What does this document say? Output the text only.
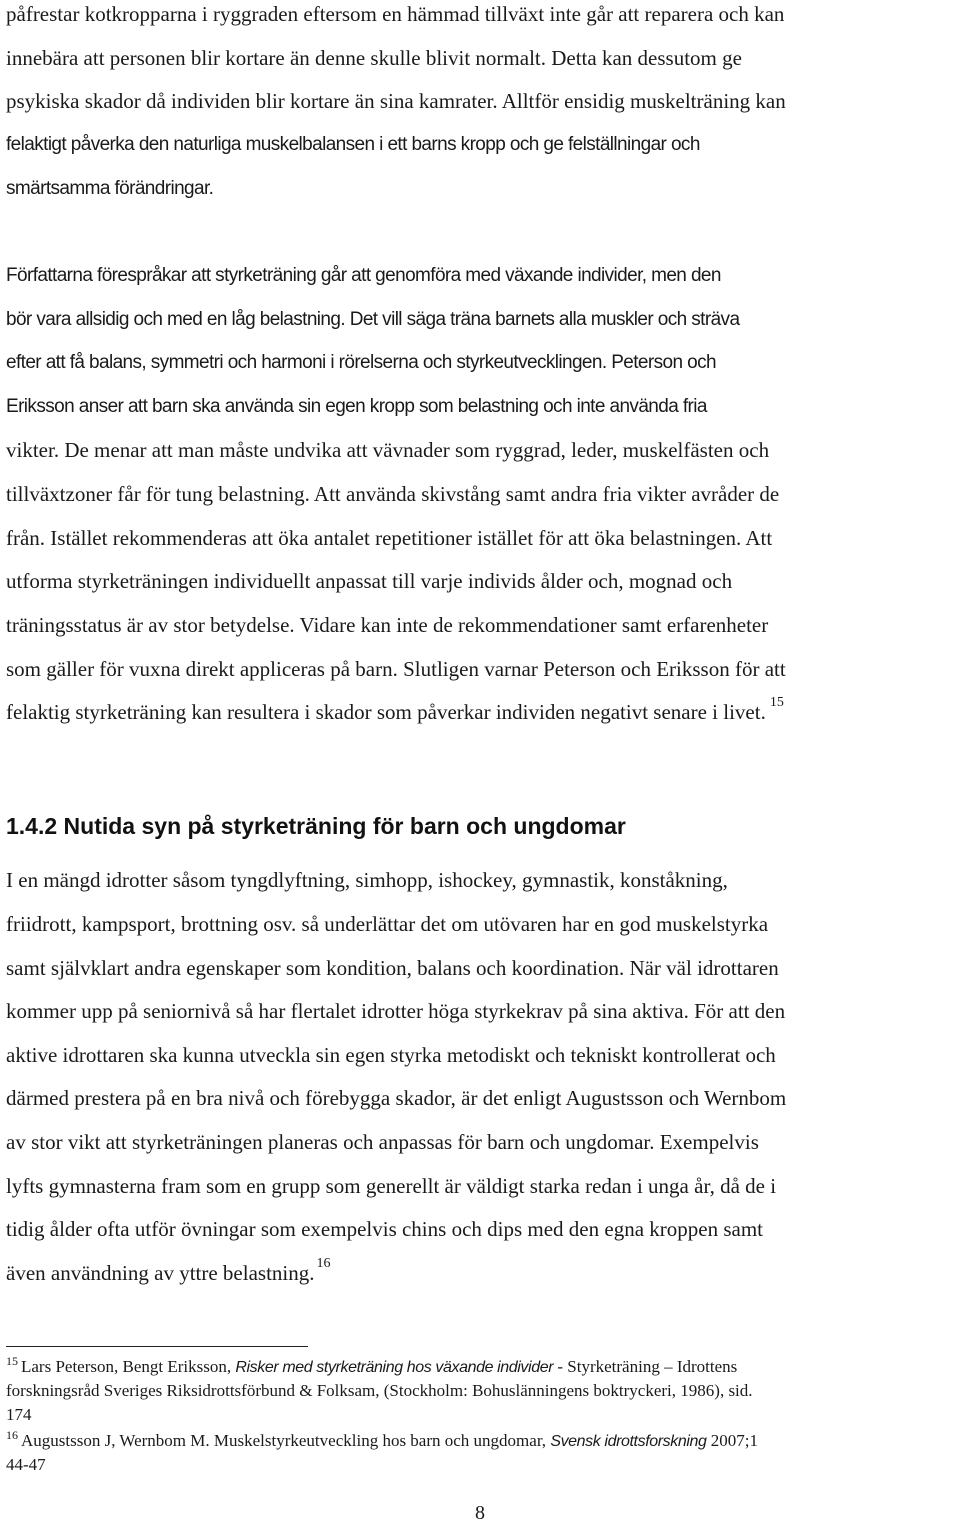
påfrestar kotkropparna i ryggraden eftersom en hämmad tillväxt inte går att reparera och kan
innebära att personen blir kortare än denne skulle blivit normalt. Detta kan dessutom ge
psykiska skador då individen blir kortare än sina kamrater. Alltför ensidig muskelträning kan
felaktigt påverka den naturliga muskelbalansen i ett barns kropp och ge felställningar och
smärtsamma förändringar.
Författarna förespråkar att styrketräning går att genomföra med växande individer, men den
bör vara allsidig och med en låg belastning. Det vill säga träna barnets alla muskler och sträva
efter att få balans, symmetri och harmoni i rörelserna och styrkeutvecklingen. Peterson och
Eriksson anser att barn ska använda sin egen kropp som belastning och inte använda fria
vikter. De menar att man måste undvika att vävnader som ryggrad, leder, muskelfästen och
tillväxtzoner får för tung belastning. Att använda skivstång samt andra fria vikter avråder de
från. Istället rekommenderas att öka antalet repetitioner istället för att öka belastningen. Att
utforma styrketräningen individuellt anpassat till varje individs ålder och, mognad och
träningsstatus är av stor betydelse. Vidare kan inte de rekommendationer samt erfarenheter
som gäller för vuxna direkt appliceras på barn. Slutligen varnar Peterson och Eriksson för att
felaktig styrketräning kan resultera i skador som påverkar individen negativt senare i livet. $^{15}$
1.4.2 Nutida syn på styrketräning för barn och ungdomar
I en mängd idrotter såsom tyngdlyftning, simhopp, ishockey, gymnastik, konståkning,
friidrott, kampsport, brottning osv. så underlättar det om utövaren har en god muskelstyrka
samt självklart andra egenskaper som kondition, balans och koordination. När väl idrottaren
kommer upp på seniornivå så har flertalet idrotter höga styrkekrav på sina aktiva. För att den
aktive idrottaren ska kunna utveckla sin egen styrka metodiskt och tekniskt kontrollerat och
därmed prestera på en bra nivå och förebygga skador, är det enligt Augustsson och Wernbom
av stor vikt att styrketräningen planeras och anpassas för barn och ungdomar. Exempelvis
lyfts gymnasterna fram som en grupp som generellt är väldigt starka redan i unga år, då de i
tidig ålder ofta utför övningar som exempelvis chins och dips med den egna kroppen samt
även användning av yttre belastning. $^{16}$
$^{15}$ Lars Peterson, Bengt Eriksson, Risker med styrketräning hos växande individer - Styrketräning – Idrottens
forskningsråd Sveriges Riksidrottsförbund & Folksam, (Stockholm: Bohuslänningens boktryckeri, 1986), sid.
174
$^{16}$ Augustsson J, Wernbom M. Muskelstyrkeutveckling hos barn och ungdomar, Svensk idrottsforskning 2007;1
44-47
8
